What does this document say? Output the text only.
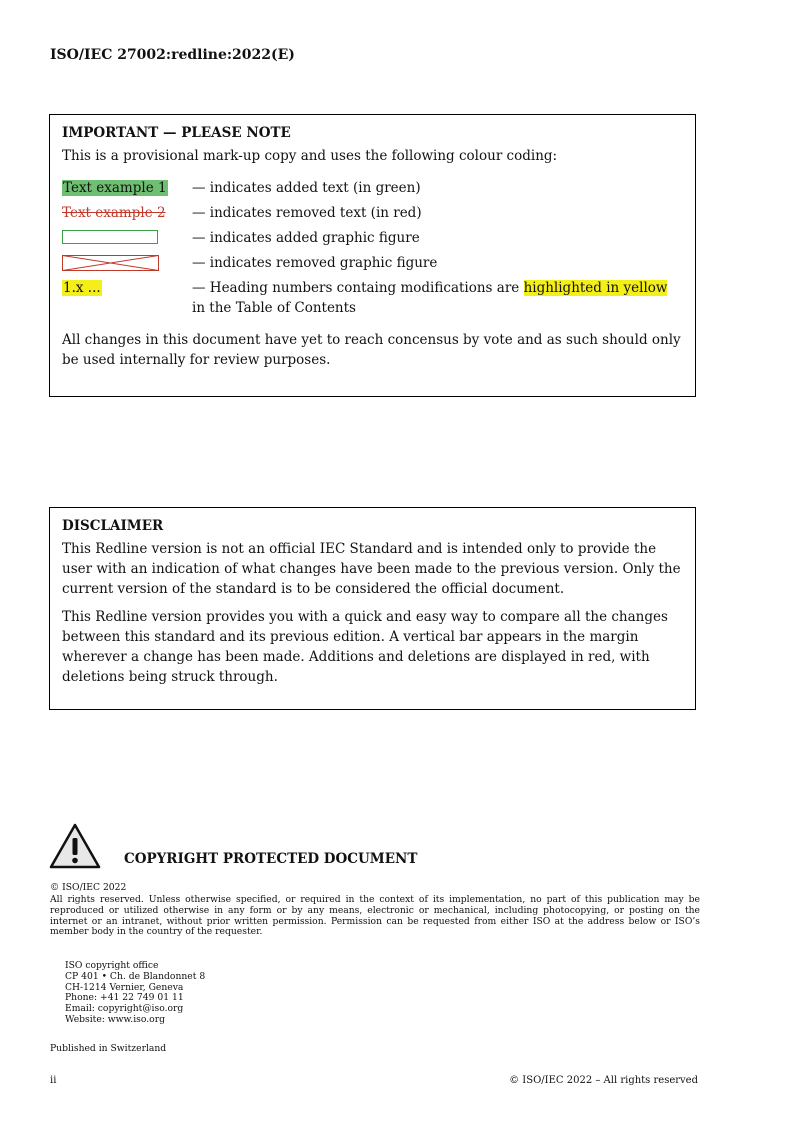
ISO/IEC 27002:redline:2022(E)
IMPORTANT — PLEASE NOTE
This is a provisional mark-up copy and uses the following colour coding:
Text example 1	— indicates added text (in green)
Text example 2	— indicates removed text (in red)
— indicates added graphic figure
— indicates removed graphic figure
1.x ...	— Heading numbers containg modifications are highlighted in yellow in the Table of Contents
All changes in this document have yet to reach concensus by vote and as such should only be used internally for review purposes.
DISCLAIMER

This Redline version is not an official IEC Standard and is intended only to provide the user with an indication of what changes have been made to the previous version. Only the current version of the standard is to be considered the official document.

This Redline version provides you with a quick and easy way to compare all the changes between this standard and its previous edition. A vertical bar appears in the margin wherever a change has been made. Additions and deletions are displayed in red, with deletions being struck through.

COPYRIGHT PROTECTED DOCUMENT
© ISO/IEC 2022
All rights reserved. Unless otherwise specified, or required in the context of its implementation, no part of this publication may be reproduced or utilized otherwise in any form or by any means, electronic or mechanical, including photocopying, or posting on the internet or an intranet, without prior written permission. Permission can be requested from either ISO at the address below or ISO’s member body in the country of the requester.
ISO copyright office
CP 401 • Ch. de Blandonnet 8
CH-1214 Vernier, Geneva
Phone: +41 22 749 01 11
Email: copyright@iso.org
Website: www.iso.org
Published in Switzerland
ii	© ISO/IEC 2022 – All rights reserved
